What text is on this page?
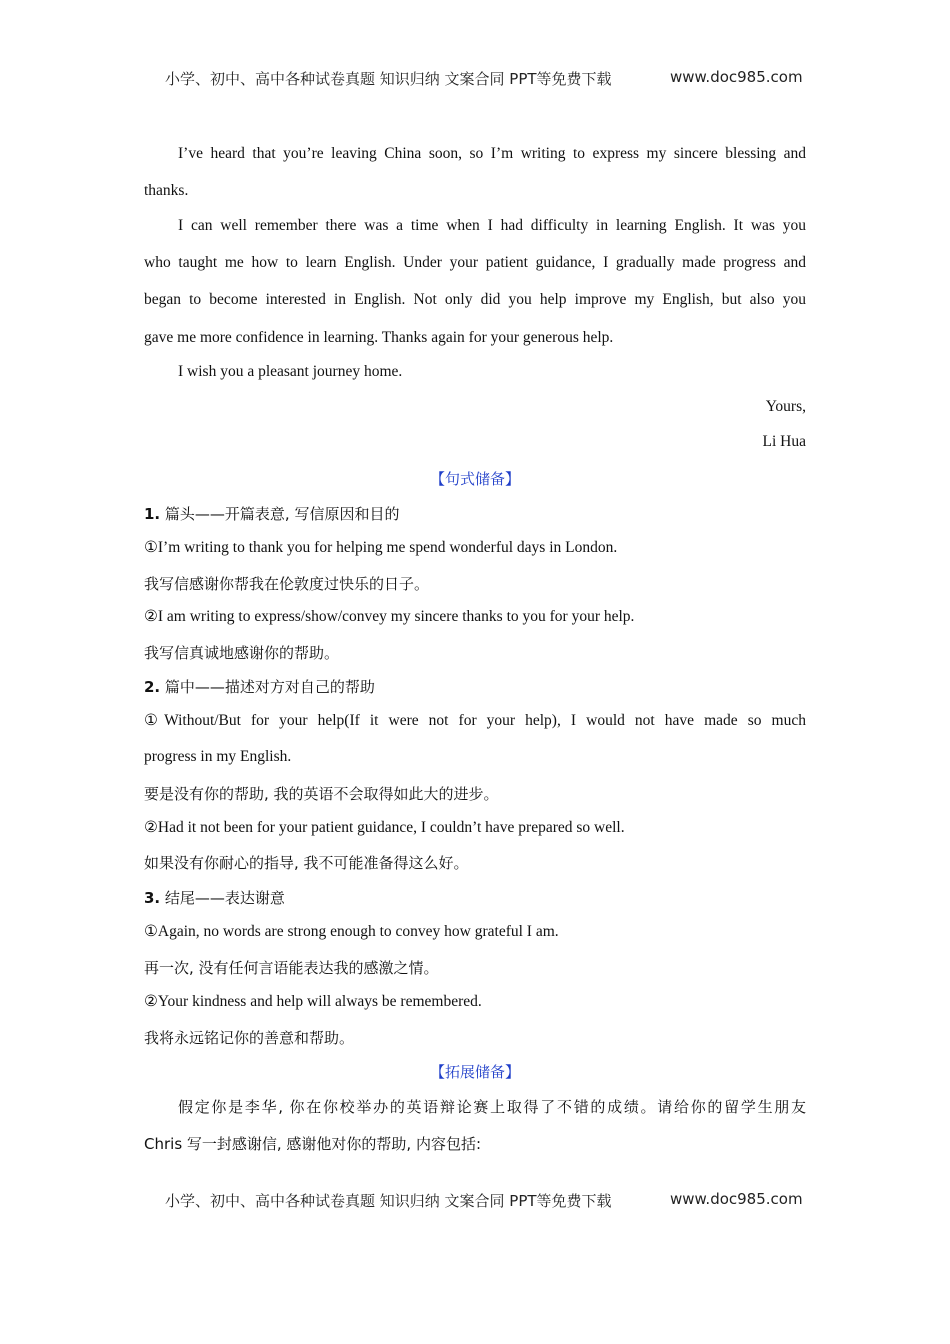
小学、初中、高中各种试卷真题 知识归纳 文案合同 PPT等免费下载	www.doc985.com
I’ve heard that you’re leaving China soon, so I’m writing to express my sincere blessing and
thanks.
I can well remember there was a time when I had difficulty in learning English. It was you
who taught me how to learn English. Under your patient guidance, I gradually made progress and
began to become interested in English. Not only did you help improve my English, but also you
gave me more confidence in learning. Thanks again for your generous help.
I wish you a pleasant journey home.
Yours,
Li Hua
【句式储备】
1. 篇头——开篇表意, 写信原因和目的
①I’m writing to thank you for helping me spend wonderful days in London.
我写信感谢你帮我在伦敦度过快乐的日子。
②I am writing to express/show/convey my sincere thanks to you for your help.
我写信真诚地感谢你的帮助。
2. 篇中——描述对方对自己的帮助
①Without/But for your help(If it were not for your help), I would not have made so much
progress in my English.
要是没有你的帮助, 我的英语不会取得如此大的进步。
②Had it not been for your patient guidance, I couldn’t have prepared so well.
如果没有你耐心的指导, 我不可能准备得这么好。
3. 结尾——表达谢意
①Again, no words are strong enough to convey how grateful I am.
再一次, 没有任何言语能表达我的感激之情。
②Your kindness and help will always be remembered.
我将永远铭记你的善意和帮助。
【拓展储备】
假定你是李华, 你在你校举办的英语辩论赛上取得了不错的成绩。请给你的留学生朋友
Chris 写一封感谢信, 感谢他对你的帮助, 内容包括:
小学、初中、高中各种试卷真题 知识归纳 文案合同 PPT等免费下载	www.doc985.com
